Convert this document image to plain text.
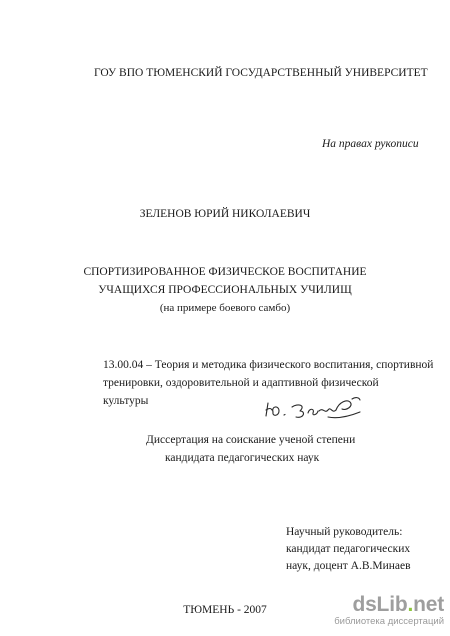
ГОУ ВПО ТЮМЕНСКИЙ ГОСУДАРСТВЕННЫЙ УНИВЕРСИТЕТ
На правах рукописи
ЗЕЛЕНОВ ЮРИЙ НИКОЛАЕВИЧ
СПОРТИЗИРОВАННОЕ ФИЗИЧЕСКОЕ ВОСПИТАНИЕ
УЧАЩИХСЯ ПРОФЕССИОНАЛЬНЫХ УЧИЛИЩ
(на примере боевого самбо)
13.00.04 – Теория и методика физического воспитания, спортивной
тренировки, оздоровительной и адаптивной физической
культуры
Диссертация на соискание ученой степени
кандидата педагогических наук
Научный руководитель:
кандидат педагогических
наук, доцент А.В.Минаев
ТЮМЕНЬ - 2007	dsLib.net
библиотека диссертаций
